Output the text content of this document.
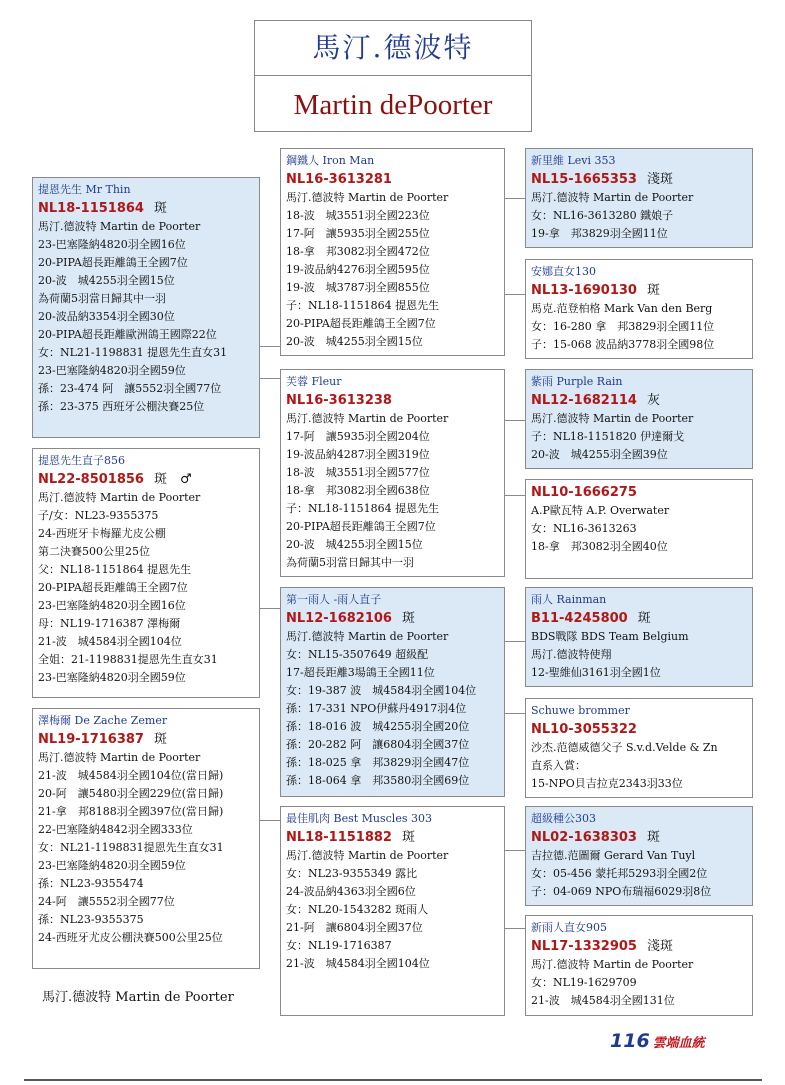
馬汀.德波特
Martin dePoorter
提恩先生 Mr Thin
NL18-1151864 斑
馬汀.德波特 Martin de Poorter
23-巴塞隆納4820羽全國16位
20-PIPA超長距離鴿王全國7位
20-波　城4255羽全國15位
為荷蘭5羽當日歸其中一羽
20-波品納3354羽全國30位
20-PIPA超長距離歐洲鴿王國際22位
女：NL21-1198831 提恩先生直女31
23-巴塞隆納4820羽全國59位
孫：23-474 阿　讓5552羽全國77位
孫：23-375 西班牙公棚決賽25位
提恩先生直子856
NL22-8501856 斑　♂
馬汀.德波特 Martin de Poorter
子/女：NL23-9355375
24-西班牙卡梅羅尤皮公棚
第二決賽500公里25位
父：NL18-1151864 提恩先生
20-PIPA超長距離鴿王全國7位
23-巴塞隆納4820羽全國16位
母：NL19-1716387 澤梅爾
21-波　城4584羽全國104位
全姐：21-1198831提恩先生直女31
23-巴塞隆納4820羽全國59位
澤梅爾 De Zache Zemer
NL19-1716387 斑
馬汀.德波特 Martin de Poorter
21-波　城4584羽全國104位(當日歸)
20-阿　讓5480羽全國229位(當日歸)
21-拿　邦8188羽全國397位(當日歸)
22-巴塞隆納4842羽全國333位
女：NL21-1198831提恩先生直女31
23-巴塞隆納4820羽全國59位
孫：NL23-9355474
24-阿　讓5552羽全國77位
孫：NL23-9355375
24-西班牙尤皮公棚決賽500公里25位
鋼鐵人 Iron Man
NL16-3613281
馬汀.德波特 Martin de Poorter
18-波　城3551羽全國223位
17-阿　讓5935羽全國255位
18-拿　邦3082羽全國472位
19-波品納4276羽全國595位
19-波　城3787羽全國855位
子：NL18-1151864 提恩先生
20-PIPA超長距離鴿王全國7位
20-波　城4255羽全國15位
芙蓉 Fleur
NL16-3613238
馬汀.德波特 Martin de Poorter
17-阿　讓5935羽全國204位
19-波品納4287羽全國319位
18-波　城3551羽全國577位
18-拿　邦3082羽全國638位
子：NL18-1151864 提恩先生
20-PIPA超長距離鴿王全國7位
20-波　城4255羽全國15位
為荷蘭5羽當日歸其中一羽
第一雨人 -雨人直子
NL12-1682106 斑
馬汀.德波特 Martin de Poorter
女：NL15-3507649 超級配
17-超長距離3場鴿王全國11位
女：19-387 波　城4584羽全國104位
孫：17-331 NPO伊蘇丹4917羽4位
孫：18-016 波　城4255羽全國20位
孫：20-282 阿　讓6804羽全國37位
孫：18-025 拿　邦3829羽全國47位
孫：18-064 拿　邦3580羽全國69位
最佳肌肉 Best Muscles 303
NL18-1151882 斑
馬汀.德波特 Martin de Poorter
女：NL23-9355349 露比
24-波品納4363羽全國6位
女：NL20-1543282 斑雨人
21-阿　讓6804羽全國37位
女：NL19-1716387
21-波　城4584羽全國104位
新里維 Levi 353
NL15-1665353 淺斑
馬汀.德波特 Martin de Poorter
女：NL16-3613280 鐵娘子
19-拿　邦3829羽全國11位
安娜直女130
NL13-1690130 斑
馬克.范登柏格 Mark Van den Berg
女：16-280 拿　邦3829羽全國11位
子：15-068 波品納3778羽全國98位
紫雨 Purple Rain
NL12-1682114 灰
馬汀.德波特 Martin de Poorter
子：NL18-1151820 伊達爾戈
20-波　城4255羽全國39位
NL10-1666275
A.P歐瓦特 A.P. Overwater
女：NL16-3613263
18-拿　邦3082羽全國40位
雨人 Rainman
B11-4245800 斑
BDS戰隊 BDS Team Belgium
馬汀.德波特使翔
12-聖維仙3161羽全國1位
Schuwe brommer
NL10-3055322
沙杰.范德威德父子 S.v.d.Velde & Zn
直系入賞：
15-NPO貝吉拉克2343羽33位
超級種公303
NL02-1638303 斑
吉拉德.范圖爾 Gerard Van Tuyl
女：05-456 蒙托邦5293羽全國2位
子：04-069 NPO布瑞福6029羽8位
新雨人直女905
NL17-1332905 淺斑
馬汀.德波特 Martin de Poorter
女：NL19-1629709
21-波　城4584羽全國131位
馬汀.德波特 Martin de Poorter
116 雲端血統
